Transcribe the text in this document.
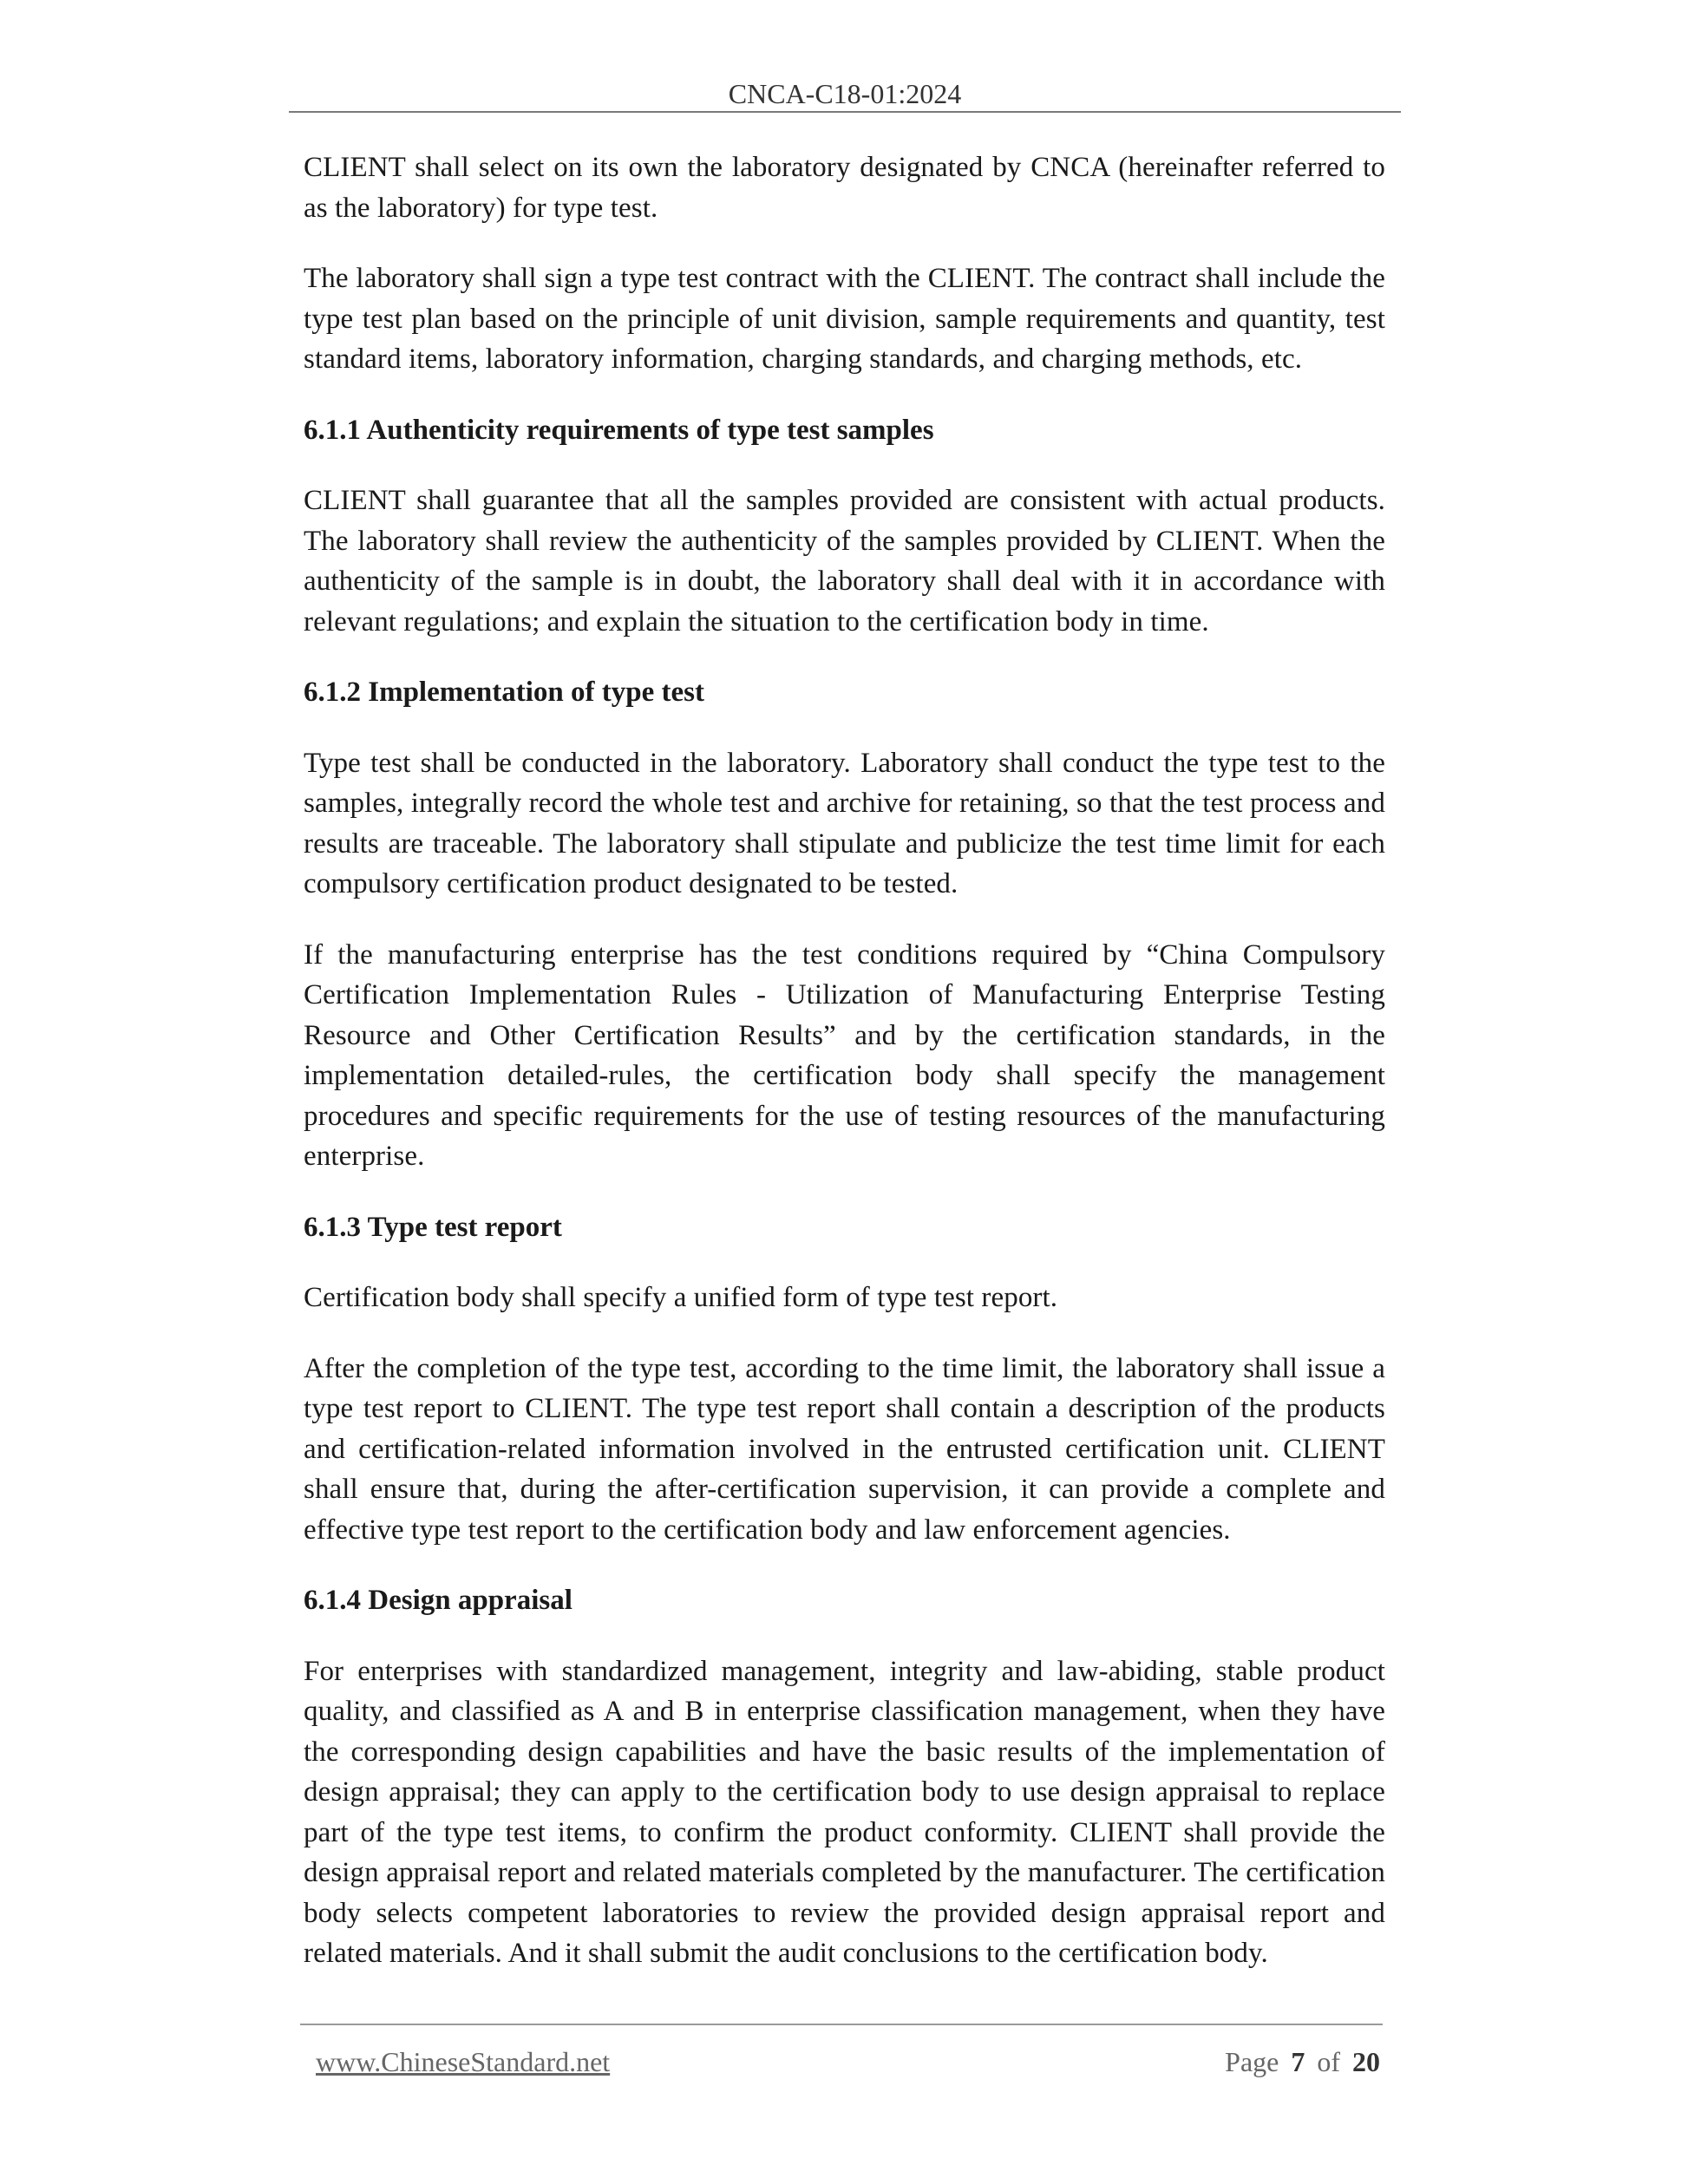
CNCA-C18-01:2024

CLIENT shall select on its own the laboratory designated by CNCA (hereinafter referred to as the laboratory) for type test.

The laboratory shall sign a type test contract with the CLIENT. The contract shall include the type test plan based on the principle of unit division, sample requirements and quantity, test standard items, laboratory information, charging standards, and charging methods, etc.

6.1.1 Authenticity requirements of type test samples

CLIENT shall guarantee that all the samples provided are consistent with actual products. The laboratory shall review the authenticity of the samples provided by CLIENT. When the authenticity of the sample is in doubt, the laboratory shall deal with it in accordance with relevant regulations; and explain the situation to the certification body in time.

6.1.2 Implementation of type test

Type test shall be conducted in the laboratory. Laboratory shall conduct the type test to the samples, integrally record the whole test and archive for retaining, so that the test process and results are traceable. The laboratory shall stipulate and publicize the test time limit for each compulsory certification product designated to be tested.

If the manufacturing enterprise has the test conditions required by “China Compulsory Certification Implementation Rules - Utilization of Manufacturing Enterprise Testing Resource and Other Certification Results” and by the certification standards, in the implementation detailed-rules, the certification body shall specify the management procedures and specific requirements for the use of testing resources of the manufacturing enterprise.

6.1.3 Type test report

Certification body shall specify a unified form of type test report.

After the completion of the type test, according to the time limit, the laboratory shall issue a type test report to CLIENT. The type test report shall contain a description of the products and certification-related information involved in the entrusted certification unit. CLIENT shall ensure that, during the after-certification supervision, it can provide a complete and effective type test report to the certification body and law enforcement agencies.

6.1.4 Design appraisal

For enterprises with standardized management, integrity and law-abiding, stable product quality, and classified as A and B in enterprise classification management, when they have the corresponding design capabilities and have the basic results of the implementation of design appraisal; they can apply to the certification body to use design appraisal to replace part of the type test items, to confirm the product conformity. CLIENT shall provide the design appraisal report and related materials completed by the manufacturer. The certification body selects competent laboratories to review the provided design appraisal report and related materials. And it shall submit the audit conclusions to the certification body.

www.ChineseStandard.net	Page 7 of 20
